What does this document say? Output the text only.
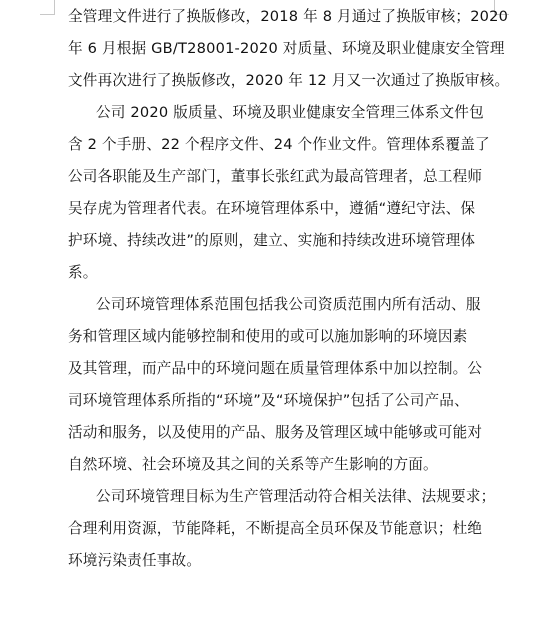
全管理文件进行了换版修改，2018 年 8 月通过了换版审核；2020
年 6 月根据 GB/T28001-2020 对质量、环境及职业健康安全管理
文件再次进行了换版修改，2020 年 12 月又一次通过了换版审核。
公司 2020 版质量、环境及职业健康安全管理三体系文件包
含 2 个手册、22 个程序文件、24 个作业文件。管理体系覆盖了
公司各职能及生产部门，董事长张红武为最高管理者，总工程师
吴存虎为管理者代表。在环境管理体系中，遵循“遵纪守法、保
护环境、持续改进”的原则，建立、实施和持续改进环境管理体
系。
公司环境管理体系范围包括我公司资质范围内所有活动、服
务和管理区域内能够控制和使用的或可以施加影响的环境因素
及其管理，而产品中的环境问题在质量管理体系中加以控制。公
司环境管理体系所指的“环境”及“环境保护”包括了公司产品、
活动和服务，以及使用的产品、服务及管理区域中能够或可能对
自然环境、社会环境及其之间的关系等产生影响的方面。
公司环境管理目标为生产管理活动符合相关法律、法规要求；
合理利用资源，节能降耗，不断提高全员环保及节能意识；杜绝
环境污染责任事故。
